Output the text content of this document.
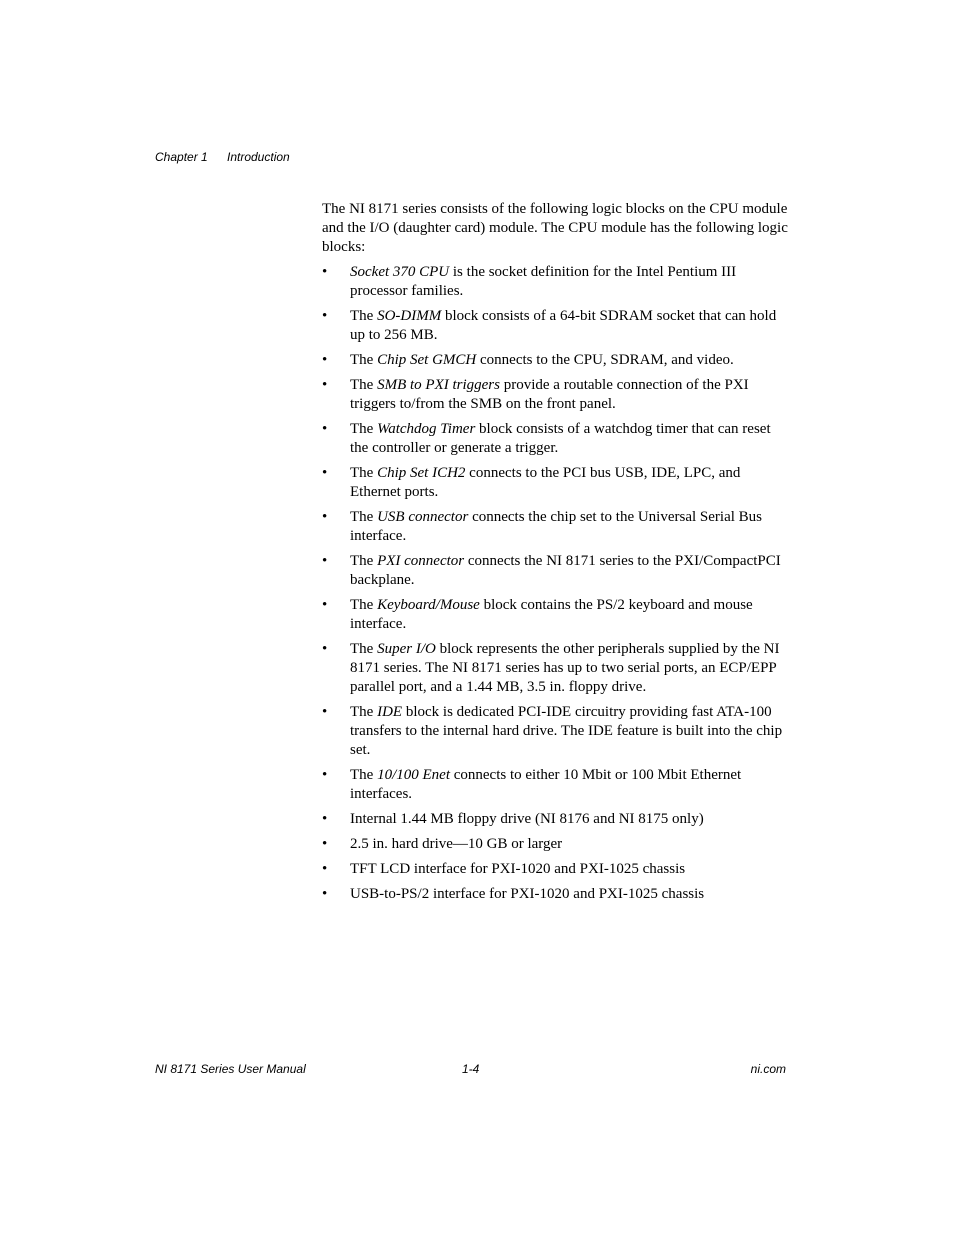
Chapter 1 Introduction

The NI 8171 series consists of the following logic blocks on the CPU module and the I/O (daughter card) module. The CPU module has the following logic blocks:

• Socket 370 CPU is the socket definition for the Intel Pentium III processor families.
• The SO-DIMM block consists of a 64-bit SDRAM socket that can hold up to 256 MB.
• The Chip Set GMCH connects to the CPU, SDRAM, and video.
• The SMB to PXI triggers provide a routable connection of the PXI triggers to/from the SMB on the front panel.
• The Watchdog Timer block consists of a watchdog timer that can reset the controller or generate a trigger.
• The Chip Set ICH2 connects to the PCI bus USB, IDE, LPC, and Ethernet ports.
• The USB connector connects the chip set to the Universal Serial Bus interface.
• The PXI connector connects the NI 8171 series to the PXI/CompactPCI backplane.
• The Keyboard/Mouse block contains the PS/2 keyboard and mouse interface.
• The Super I/O block represents the other peripherals supplied by the NI 8171 series. The NI 8171 series has up to two serial ports, an ECP/EPP parallel port, and a 1.44 MB, 3.5 in. floppy drive.
• The IDE block is dedicated PCI-IDE circuitry providing fast ATA-100 transfers to the internal hard drive. The IDE feature is built into the chip set.
• The 10/100 Enet connects to either 10 Mbit or 100 Mbit Ethernet interfaces.
• Internal 1.44 MB floppy drive (NI 8176 and NI 8175 only)
• 2.5 in. hard drive—10 GB or larger
• TFT LCD interface for PXI-1020 and PXI-1025 chassis
• USB-to-PS/2 interface for PXI-1020 and PXI-1025 chassis
NI 8171 Series User Manual	1-4	ni.com
